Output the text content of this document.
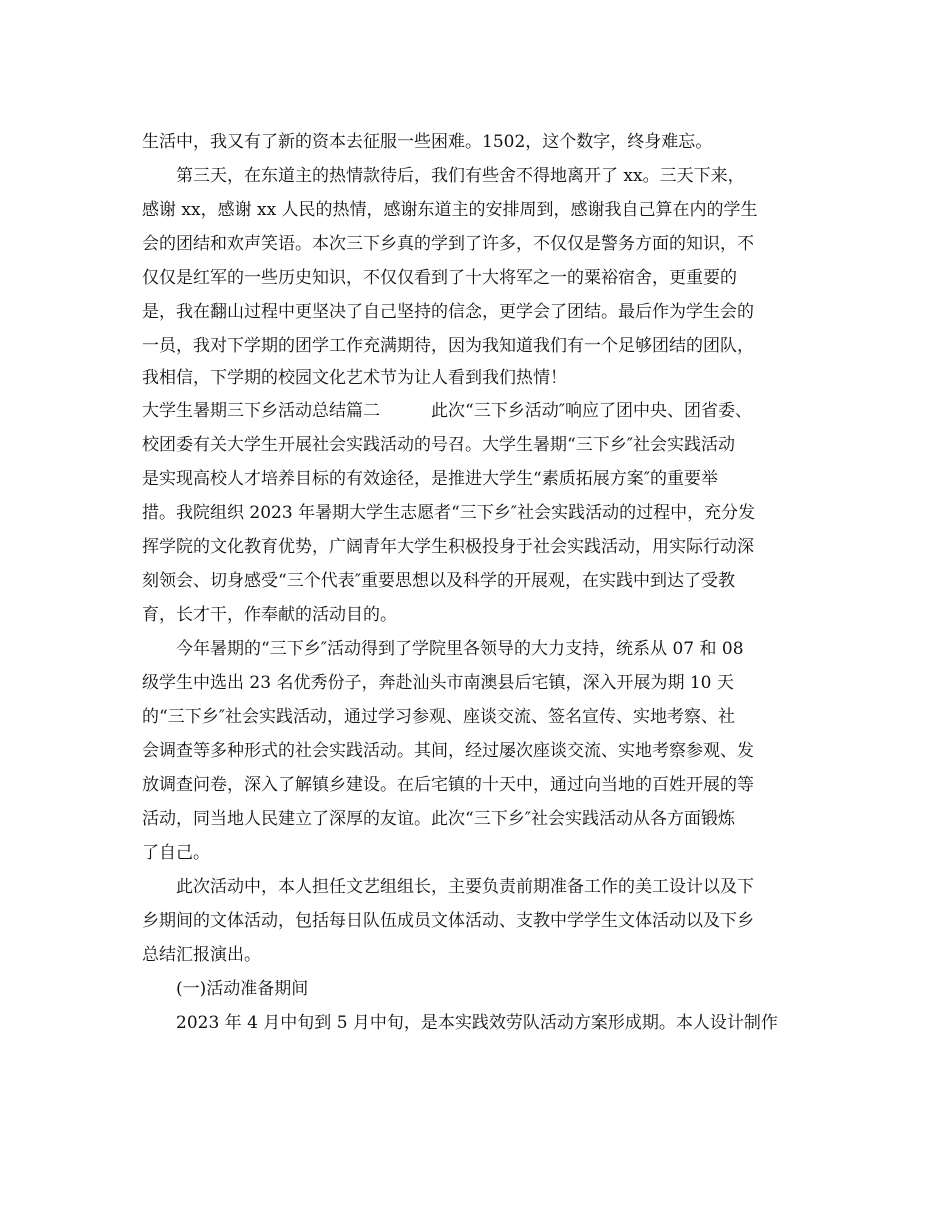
生活中，我又有了新的资本去征服一些困难。1502，这个数字，终身难忘。
　　第三天，在东道主的热情款待后，我们有些舍不得地离开了 xx。三天下来，
感谢 xx，感谢 xx 人民的热情，感谢东道主的安排周到，感谢我自己算在内的学生
会的团结和欢声笑语。本次三下乡真的学到了许多，不仅仅是警务方面的知识，不
仅仅是红军的一些历史知识，不仅仅看到了十大将军之一的粟裕宿舍，更重要的
是，我在翻山过程中更坚决了自己坚持的信念，更学会了团结。最后作为学生会的
一员，我对下学期的团学工作充满期待，因为我知道我们有一个足够团结的团队，
我相信，下学期的校园文化艺术节为让人看到我们热情！
大学生暑期三下乡活动总结篇二　　　此次“三下乡活动″响应了团中央、团省委、
校团委有关大学生开展社会实践活动的号召。大学生暑期“三下乡″社会实践活动
是实现高校人才培养目标的有效途径，是推进大学生“素质拓展方案″的重要举
措。我院组织 2023 年暑期大学生志愿者“三下乡″社会实践活动的过程中，充分发
挥学院的文化教育优势，广阔青年大学生积极投身于社会实践活动，用实际行动深
刻领会、切身感受“三个代表″重要思想以及科学的开展观，在实践中到达了受教
育，长才干，作奉献的活动目的。
　　今年暑期的“三下乡″活动得到了学院里各领导的大力支持，统系从 07 和 08
级学生中选出 23 名优秀份子，奔赴汕头市南澳县后宅镇，深入开展为期 10 天
的“三下乡″社会实践活动，通过学习参观、座谈交流、签名宣传、实地考察、社
会调查等多种形式的社会实践活动。其间，经过屡次座谈交流、实地考察参观、发
放调查问卷，深入了解镇乡建设。在后宅镇的十天中，通过向当地的百姓开展的等
活动，同当地人民建立了深厚的友谊。此次“三下乡″社会实践活动从各方面锻炼
了自己。
　　此次活动中，本人担任文艺组组长，主要负责前期准备工作的美工设计以及下
乡期间的文体活动，包括每日队伍成员文体活动、支教中学学生文体活动以及下乡
总结汇报演出。
　　(一)活动准备期间
　　2023 年 4 月中旬到 5 月中旬，是本实践效劳队活动方案形成期。本人设计制作
